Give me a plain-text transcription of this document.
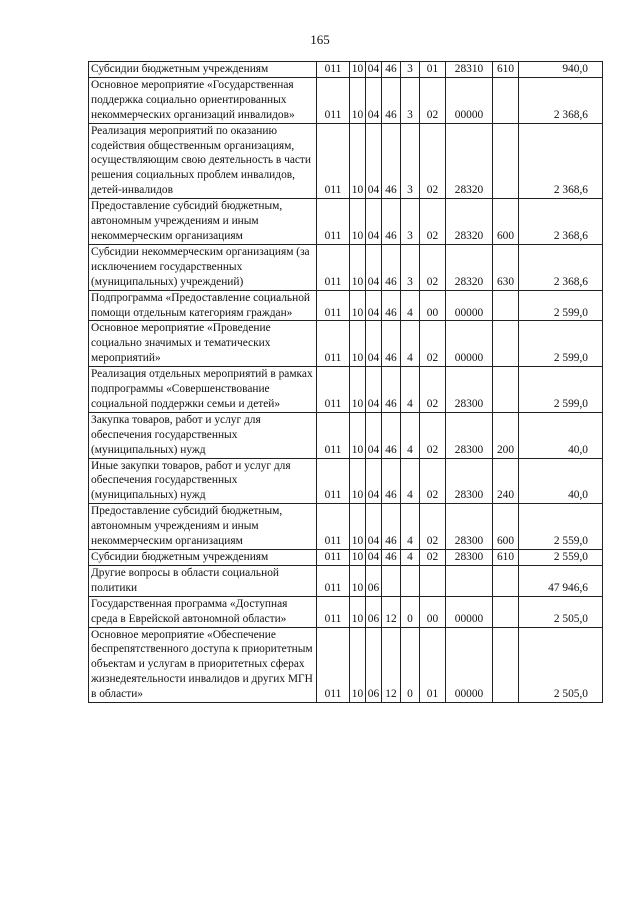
165
Субсидии бюджетным учреждениям	011	10	04	46	3	01	28310	610	940,0
Основное мероприятие «Государственная поддержка социально ориентированных некоммерческих организаций инвалидов»	011	10	04	46	3	02	00000		2 368,6
Реализация мероприятий по оказанию содействия общественным организациям, осуществляющим свою деятельность в части решения социальных проблем инвалидов, детей-инвалидов	011	10	04	46	3	02	28320		2 368,6
Предоставление субсидий бюджетным, автономным учреждениям и иным некоммерческим организациям	011	10	04	46	3	02	28320	600	2 368,6
Субсидии некоммерческим организациям (за исключением государственных (муниципальных) учреждений)	011	10	04	46	3	02	28320	630	2 368,6
Подпрограмма «Предоставление социальной помощи отдельным категориям граждан»	011	10	04	46	4	00	00000		2 599,0
Основное мероприятие «Проведение социально значимых и тематических мероприятий»	011	10	04	46	4	02	00000		2 599,0
Реализация отдельных мероприятий в рамках подпрограммы «Совершенствование социальной поддержки семьи и детей»	011	10	04	46	4	02	28300		2 599,0
Закупка товаров, работ и услуг для обеспечения государственных (муниципальных) нужд	011	10	04	46	4	02	28300	200	40,0
Иные закупки товаров, работ и услуг для обеспечения государственных (муниципальных) нужд	011	10	04	46	4	02	28300	240	40,0
Предоставление субсидий бюджетным, автономным учреждениям и иным некоммерческим организациям	011	10	04	46	4	02	28300	600	2 559,0
Субсидии бюджетным учреждениям	011	10	04	46	4	02	28300	610	2 559,0
Другие вопросы в области социальной политики	011	10	06						47 946,6
Государственная программа «Доступная среда в Еврейской автономной области»	011	10	06	12	0	00	00000		2 505,0
Основное мероприятие «Обеспечение беспрепятственного доступа к приоритетным объектам и услугам в приоритетных сферах жизнедеятельности инвалидов и других МГН в области»	011	10	06	12	0	01	00000		2 505,0
